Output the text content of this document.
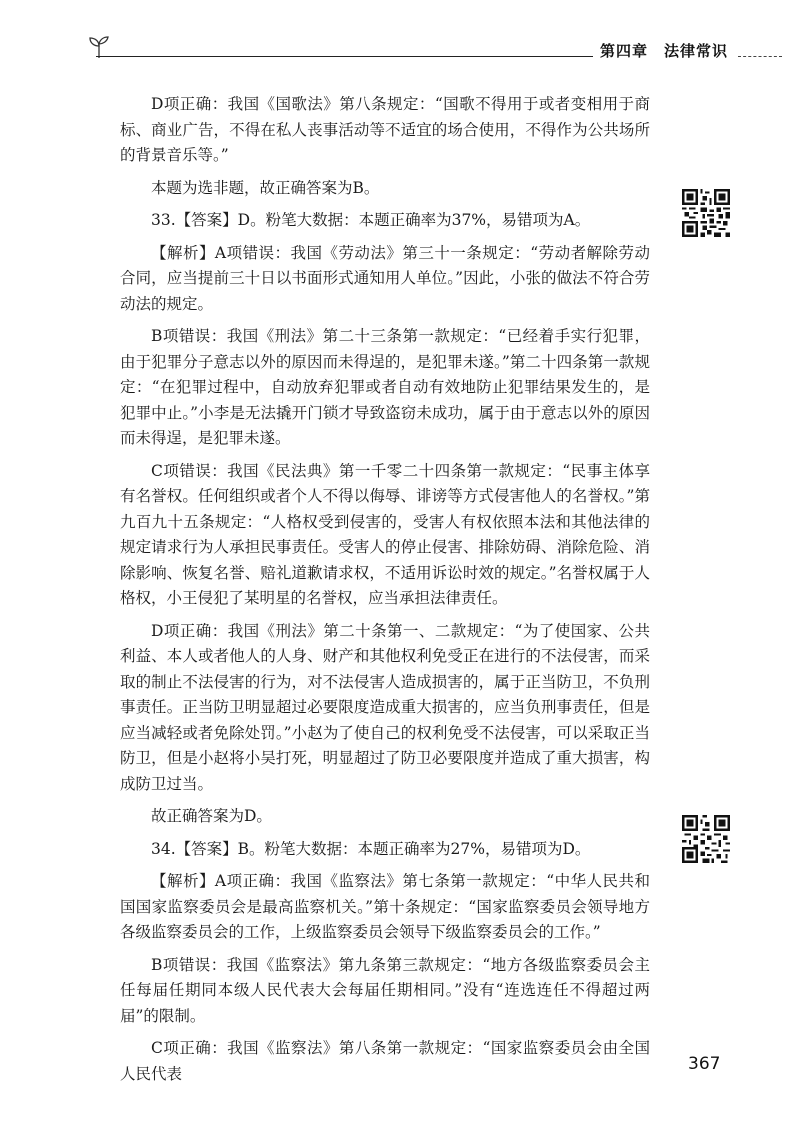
第四章　法律常识

D项正确：我国《国歌法》第八条规定：“国歌不得用于或者变相用于商标、商业广告，不得在私人丧事活动等不适宜的场合使用，不得作为公共场所的背景音乐等。”

本题为选非题，故正确答案为B。

33.【答案】D。粉笔大数据：本题正确率为37%，易错项为A。

【解析】A项错误：我国《劳动法》第三十一条规定：“劳动者解除劳动合同，应当提前三十日以书面形式通知用人单位。”因此，小张的做法不符合劳动法的规定。

B项错误：我国《刑法》第二十三条第一款规定：“已经着手实行犯罪，由于犯罪分子意志以外的原因而未得逞的，是犯罪未遂。”第二十四条第一款规定：“在犯罪过程中，自动放弃犯罪或者自动有效地防止犯罪结果发生的，是犯罪中止。”小李是无法撬开门锁才导致盗窃未成功，属于由于意志以外的原因而未得逞，是犯罪未遂。

C项错误：我国《民法典》第一千零二十四条第一款规定：“民事主体享有名誉权。任何组织或者个人不得以侮辱、诽谤等方式侵害他人的名誉权。”第九百九十五条规定：“人格权受到侵害的，受害人有权依照本法和其他法律的规定请求行为人承担民事责任。受害人的停止侵害、排除妨碍、消除危险、消除影响、恢复名誉、赔礼道歉请求权，不适用诉讼时效的规定。”名誉权属于人格权，小王侵犯了某明星的名誉权，应当承担法律责任。

D项正确：我国《刑法》第二十条第一、二款规定：“为了使国家、公共利益、本人或者他人的人身、财产和其他权利免受正在进行的不法侵害，而采取的制止不法侵害的行为，对不法侵害人造成损害的，属于正当防卫，不负刑事责任。正当防卫明显超过必要限度造成重大损害的，应当负刑事责任，但是应当减轻或者免除处罚。”小赵为了使自己的权利免受不法侵害，可以采取正当防卫，但是小赵将小吴打死，明显超过了防卫必要限度并造成了重大损害，构成防卫过当。

故正确答案为D。

34.【答案】B。粉笔大数据：本题正确率为27%，易错项为D。

【解析】A项正确：我国《监察法》第七条第一款规定：“中华人民共和国国家监察委员会是最高监察机关。”第十条规定：“国家监察委员会领导地方各级监察委员会的工作，上级监察委员会领导下级监察委员会的工作。”

B项错误：我国《监察法》第九条第三款规定：“地方各级监察委员会主任每届任期同本级人民代表大会每届任期相同。”没有“连选连任不得超过两届”的限制。

C项正确：我国《监察法》第八条第一款规定：“国家监察委员会由全国人民代表	367
